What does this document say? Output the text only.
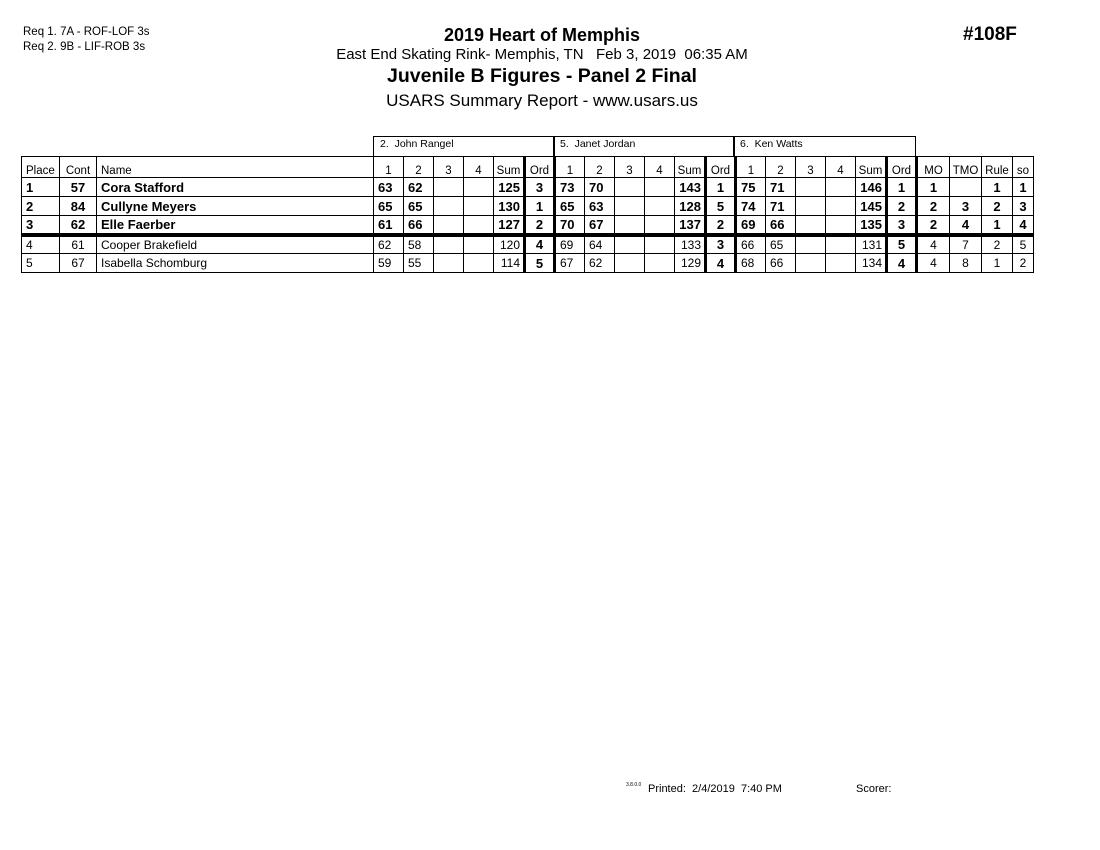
Req 1. 7A - ROF-LOF 3s
Req 2. 9B - LIF-ROB 3s
#108F
2019 Heart of Memphis
East End Skating Rink- Memphis, TN   Feb 3, 2019  06:35 AM
Juvenile B Figures - Panel 2 Final
USARS Summary Report - www.usars.us
2.  John Rangel	5.  Janet Jordan	6.  Ken Watts
Place	Cont	Name	1	2	3	4	Sum	Ord	1	2	3	4	Sum	Ord	1	2	3	4	Sum	Ord	MO	TMO	Rule	so
1	57	Cora Stafford	63	62			125	3	73	70			143	1	75	71			146	1	1		1	1
2	84	Cullyne Meyers	65	65			130	1	65	63			128	5	74	71			145	2	2	3	2	3
3	62	Elle Faerber	61	66			127	2	70	67			137	2	69	66			135	3	2	4	1	4
4	61	Cooper Brakefield	62	58			120	4	69	64			133	3	66	65			131	5	4	7	2	5
5	67	Isabella Schomburg	59	55			114	5	67	62			129	4	68	66			134	4	4	8	1	2
3.8.0.0 Printed:  2/4/2019  7:40 PM	Scorer:
